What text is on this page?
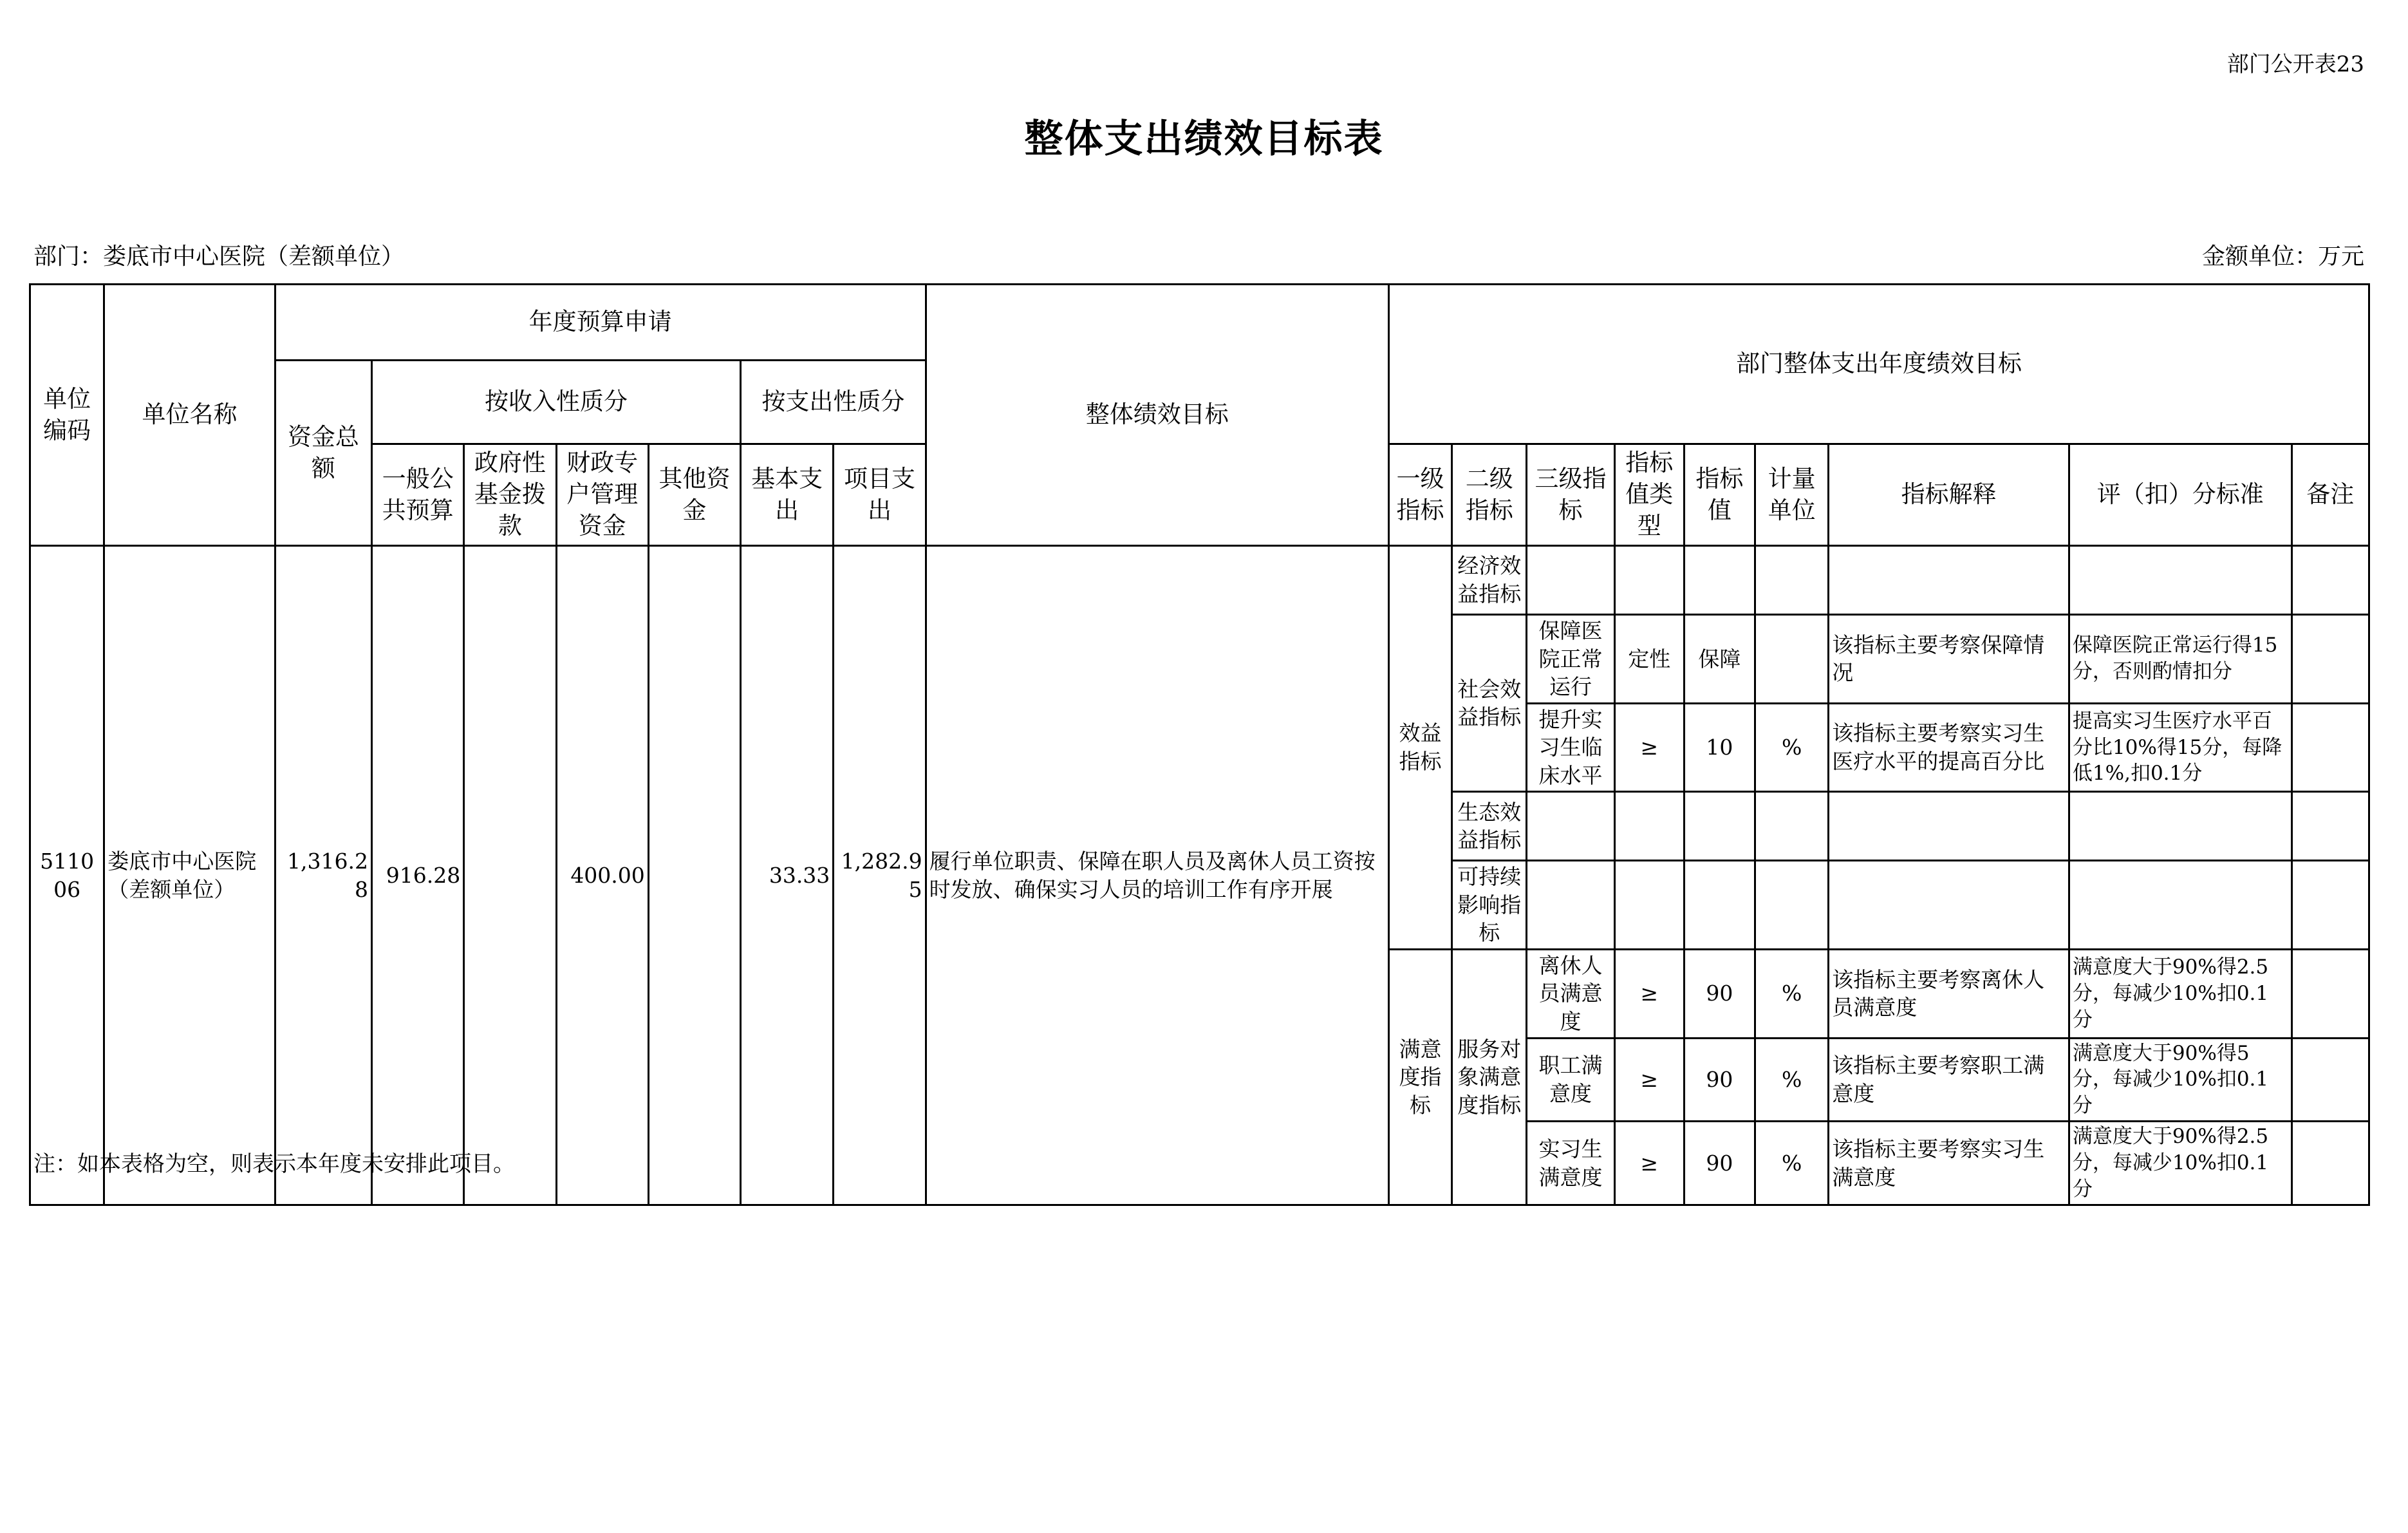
部门公开表23
整体支出绩效目标表
部门：娄底市中心医院（差额单位）	金额单位：万元
单位编码	单位名称	年度预算申请							整体绩效目标	部门整体支出年度绩效目标								
		资金总额	按收入性质分				按支出性质分											
			一般公共预算	政府性基金拨款	财政专户管理资金	其他资金	基本支出	项目支出		一级指标	二级指标	三级指标	指标值类型	指标值	计量单位	指标解释	评（扣）分标准	备注
511006	娄底市中心医院（差额单位）	1,316.28	916.28		400.00		33.33	1,282.95	履行单位职责、保障在职人员及离休人员工资按时发放、确保实习人员的培训工作有序开展	效益指标	经济效益指标							
											社会效益指标	保障医院正常运行	定性	保障		该指标主要考察保障情况	保障医院正常运行得15分，否则酌情扣分	
												提升实习生临床水平	≥	10	%	该指标主要考察实习生医疗水平的提高百分比	提高实习生医疗水平百分比10%得15分，每降低1%,扣0.1分	
											生态效益指标							
											可持续影响指标							
										满意度指标	服务对象满意度指标	离休人员满意度	≥	90	%	该指标主要考察离休人员满意度	满意度大于90%得2.5分，每减少10%扣0.1分	
												职工满意度	≥	90	%	该指标主要考察职工满意度	满意度大于90%得5分，每减少10%扣0.1分	
												实习生满意度	≥	90	%	该指标主要考察实习生满意度	满意度大于90%得2.5分，每减少10%扣0.1分	
注：如本表格为空，则表示本年度未安排此项目。
